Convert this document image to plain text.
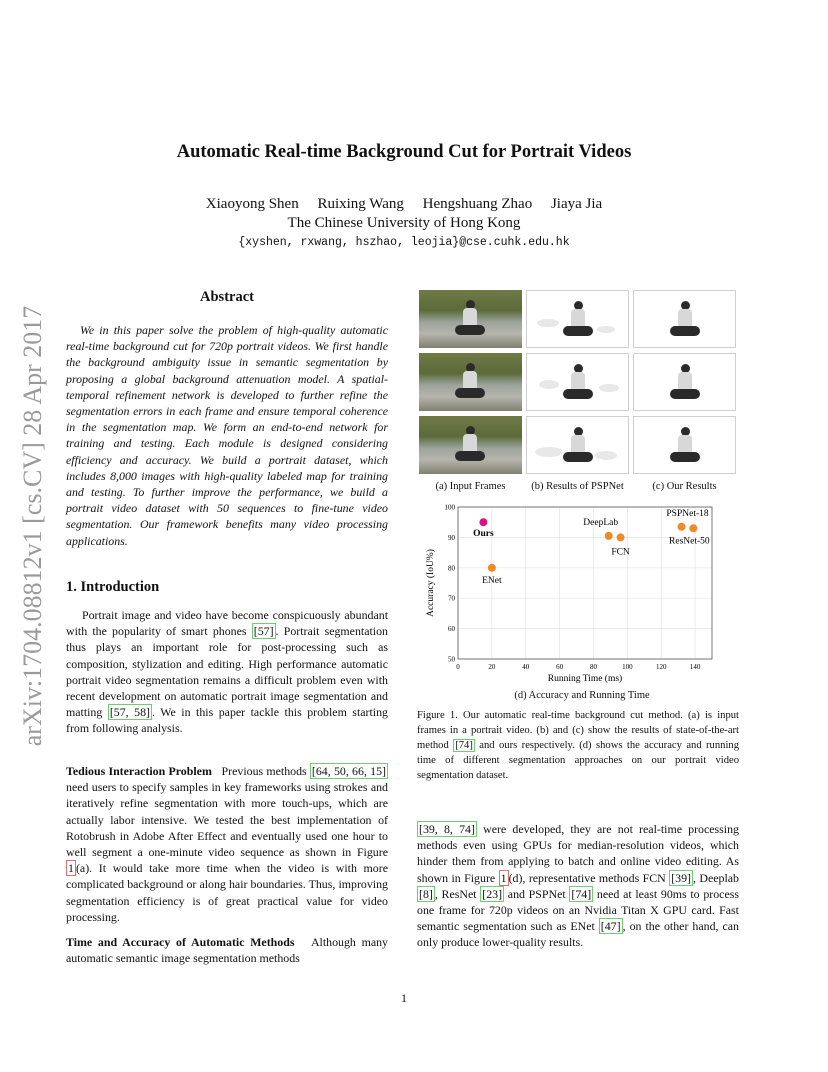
arXiv:1704.08812v1 [cs.CV] 28 Apr 2017
Automatic Real-time Background Cut for Portrait Videos
Xiaoyong Shen     Ruixing Wang     Hengshuang Zhao     Jiaya Jia
The Chinese University of Hong Kong
{xyshen, rxwang, hszhao, leojia}@cse.cuhk.edu.hk
Abstract
We in this paper solve the problem of high-quality automatic real-time background cut for 720p portrait videos. We first handle the background ambiguity issue in semantic segmentation by proposing a global background attenuation model. A spatial-temporal refinement network is developed to further refine the segmentation errors in each frame and ensure temporal coherence in the segmentation map. We form an end-to-end network for training and testing. Each module is designed considering efficiency and accuracy. We build a portrait dataset, which includes 8,000 images with high-quality labeled map for training and testing. To further improve the performance, we build a portrait video dataset with 50 sequences to fine-tune video segmentation. Our framework benefits many video processing applications.
1. Introduction
Portrait image and video have become conspicuously abundant with the popularity of smart phones [57] . Portrait segmentation thus plays an important role for post-processing such as composition, stylization and editing. High performance automatic portrait video segmentation remains a difficult problem even with recent development on automatic portrait image segmentation and matting [57, 58] . We in this paper tackle this problem starting from following analysis.
Tedious Interaction Problem   Previous methods [64, 50, 66, 15] need users to specify samples in key frameworks using strokes and iteratively refine segmentation with more touch-ups, which are actually labor intensive. We tested the best implementation of Rotobrush in Adobe After Effect and eventually used one hour to well segment a one-minute video sequence as shown in Figure 1 (a). It would take more time when the video is with more complicated background or along hair boundaries. Thus, improving segmentation efficiency is of great practical value for video processing.
Time and Accuracy of Automatic Methods   Although many automatic semantic image segmentation methods
(a) Input Frames	(b) Results of PSPNet	(c) Our Results
0	20	40	60	80	100	120	140
50
60
70
80
90
100
Ours
DeepLab
FCN
PSPNet-18
ResNet-50
ENet
Running Time (ms)
Accuracy (IoU%)
(d) Accuracy and Running Time
Figure 1. Our automatic real-time background cut method. (a) is input frames in a portrait video. (b) and (c) show the results of state-of-the-art method [74] and ours respectively. (d) shows the accuracy and running time of different segmentation approaches on our portrait video segmentation dataset.
[39, 8, 74] were developed, they are not real-time processing methods even using GPUs for median-resolution videos, which hinder them from applying to batch and online video editing. As shown in Figure 1 (d), representative methods FCN [39] , Deeplab [8] , ResNet [23] and PSPNet [74] need at least 90ms to process one frame for 720p videos on an Nvidia Titan X GPU card. Fast semantic segmentation such as ENet [47] , on the other hand, can only produce lower-quality results.
1
